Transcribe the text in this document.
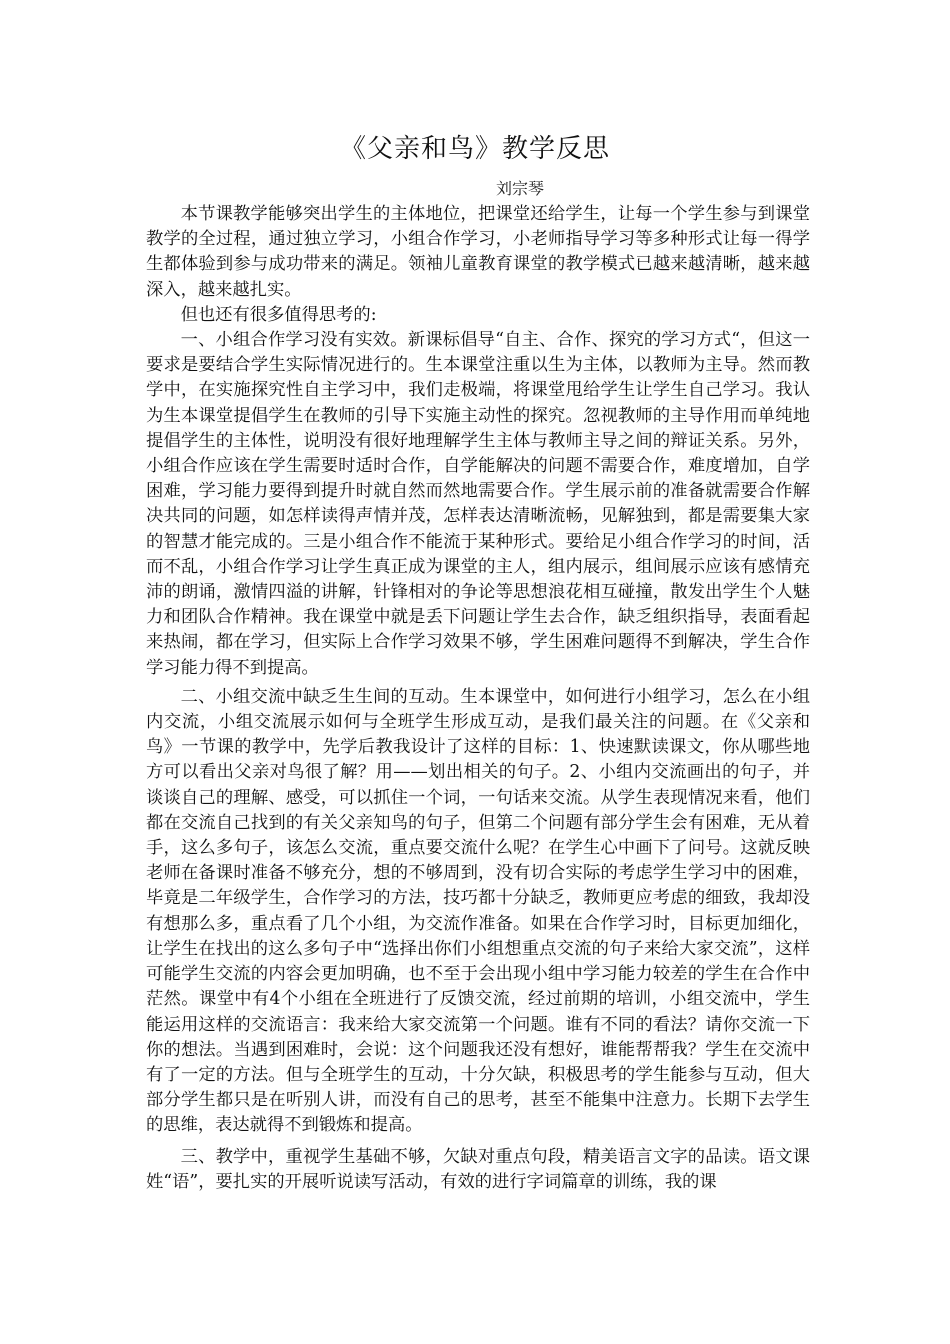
《父亲和鸟》教学反思
刘宗琴

本节课教学能够突出学生的主体地位，把课堂还给学生，让每一个学生参与到课堂教学的全过程，通过独立学习，小组合作学习，小老师指导学习等多种形式让每一得学生都体验到参与成功带来的满足。领袖儿童教育课堂的教学模式已越来越清晰，越来越深入，越来越扎实。

但也还有很多值得思考的:

一、小组合作学习没有实效。新课标倡导“自主、合作、探究的学习方式“，但这一要求是要结合学生实际情况进行的。生本课堂注重以生为主体，以教师为主导。然而教学中，在实施探究性自主学习中，我们走极端，将课堂甩给学生让学生自己学习。我认为生本课堂提倡学生在教师的引导下实施主动性的探究。忽视教师的主导作用而单纯地提倡学生的主体性，说明没有很好地理解学生主体与教师主导之间的辩证关系。另外，小组合作应该在学生需要时适时合作，自学能解决的问题不需要合作，难度增加，自学困难，学习能力要得到提升时就自然而然地需要合作。学生展示前的准备就需要合作解决共同的问题，如怎样读得声情并茂，怎样表达清晰流畅，见解独到，都是需要集大家的智慧才能完成的。三是小组合作不能流于某种形式。要给足小组合作学习的时间，活而不乱，小组合作学习让学生真正成为课堂的主人，组内展示，组间展示应该有感情充沛的朗诵，激情四溢的讲解，针锋相对的争论等思想浪花相互碰撞，散发出学生个人魅力和团队合作精神。我在课堂中就是丢下问题让学生去合作，缺乏组织指导，表面看起来热闹，都在学习，但实际上合作学习效果不够，学生困难问题得不到解决，学生合作学习能力得不到提高。

二、小组交流中缺乏生生间的互动。生本课堂中，如何进行小组学习，怎么在小组内交流，小组交流展示如何与全班学生形成互动，是我们最关注的问题。在《父亲和鸟》一节课的教学中，先学后教我设计了这样的目标：1、快速默读课文，你从哪些地方可以看出父亲对鸟很了解？用——划出相关的句子。2、小组内交流画出的句子，并谈谈自己的理解、感受，可以抓住一个词，一句话来交流。从学生表现情况来看，他们都在交流自己找到的有关父亲知鸟的句子，但第二个问题有部分学生会有困难，无从着手，这么多句子，该怎么交流，重点要交流什么呢？在学生心中画下了问号。这就反映老师在备课时准备不够充分，想的不够周到，没有切合实际的考虑学生学习中的困难，毕竟是二年级学生，合作学习的方法，技巧都十分缺乏，教师更应考虑的细致，我却没有想那么多，重点看了几个小组，为交流作准备。如果在合作学习时，目标更加细化，让学生在找出的这么多句子中“选择出你们小组想重点交流的句子来给大家交流”，这样可能学生交流的内容会更加明确，也不至于会出现小组中学习能力较差的学生在合作中茫然。课堂中有4个小组在全班进行了反馈交流，经过前期的培训，小组交流中，学生能运用这样的交流语言：我来给大家交流第一个问题。谁有不同的看法？请你交流一下你的想法。当遇到困难时，会说：这个问题我还没有想好，谁能帮帮我？学生在交流中有了一定的方法。但与全班学生的互动，十分欠缺，积极思考的学生能参与互动，但大部分学生都只是在听别人讲，而没有自己的思考，甚至不能集中注意力。长期下去学生的思维，表达就得不到锻炼和提高。

三、教学中，重视学生基础不够，欠缺对重点句段，精美语言文字的品读。语文课姓“语”，要扎实的开展听说读写活动，有效的进行字词篇章的训练，我的课
